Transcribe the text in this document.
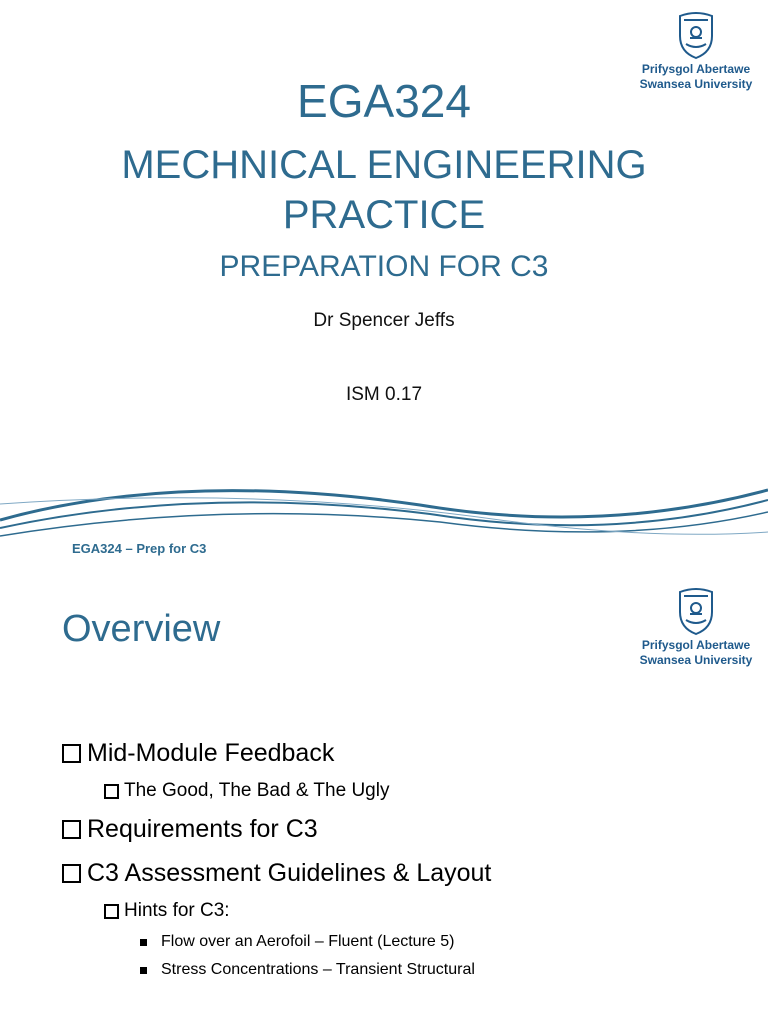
Prifysgol Abertawe
Swansea University
EGA324
MECHNICAL ENGINEERING
PRACTICE
PREPARATION FOR C3
Dr Spencer Jeffs
ISM 0.17
EGA324 – Prep for C3
Prifysgol Abertawe
Swansea University
Overview
Mid-Module Feedback
The Good, The Bad & The Ugly
Requirements for C3
C3 Assessment Guidelines & Layout
Hints for C3:
Flow over an Aerofoil – Fluent (Lecture 5)
Stress Concentrations – Transient Structural
